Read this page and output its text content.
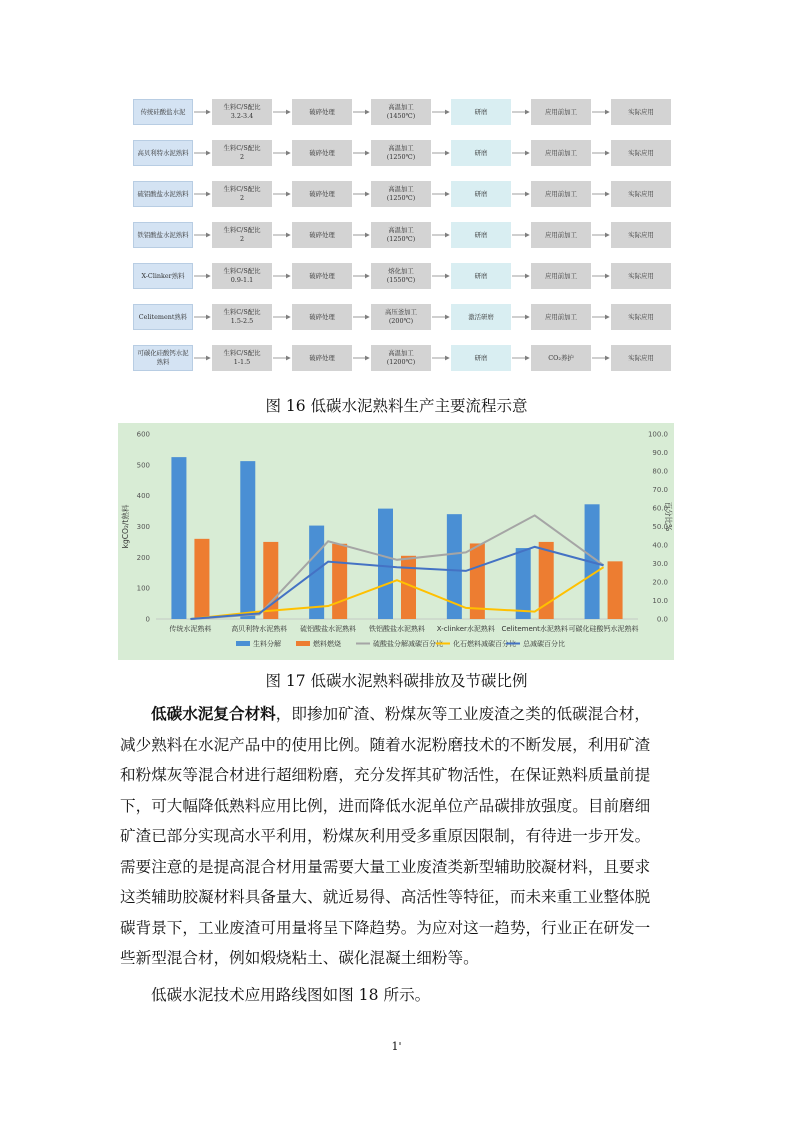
传统硅酸盐水泥
生料C/S配比
3.2-3.4
破碎处理
高温加工
(1450℃)
研磨	应用前加工	实际应用
高贝利特水泥熟料
生料C/S配比
2
破碎处理
高温加工
(1250℃)
研磨	应用前加工	实际应用
硫铝酸盐水泥熟料
生料C/S配比
2
破碎处理
高温加工
(1250℃)
研磨	应用前加工	实际应用
铁铝酸盐水泥熟料
生料C/S配比
2
破碎处理
高温加工
(1250℃)
研磨	应用前加工	实际应用
X-Clinker熟料
生料C/S配比
0.9-1.1
破碎处理
熔化加工
(1550℃)
研磨	应用前加工	实际应用
Celitement熟料
生料C/S配比
1.5-2.5
破碎处理
高压釜加工
(200℃)
激活研磨	应用前加工	实际应用
可碳化硅酸钙水泥熟料
生料C/S配比
1-1.5
破碎处理
高温加工
(1200℃)
研磨	CO₂养护	实际应用
图 16 低碳水泥熟料生产主要流程示意
0
100
200
300
400
500
600
0.0
10.0
20.0
30.0
40.0
50.0
60.0
70.0
80.0
90.0
100.0
kgCO₂/t熟料	百分比%
传统水泥熟料	高贝利特水泥熟料 硫铝酸盐水泥熟料 铁铝酸盐水泥熟料 X-clinker水泥熟料 Celitement水泥熟料 可碳化硅酸钙水泥熟料
生料分解	燃料燃烧	硫酸盐分解减碳百分比 化石燃料减碳百分比 总减碳百分比
图 17 低碳水泥熟料碳排放及节碳比例
低碳水泥复合材料，即掺加矿渣、粉煤灰等工业废渣之类的低碳混合材，
减少熟料在水泥产品中的使用比例。随着水泥粉磨技术的不断发展，利用矿渣
和粉煤灰等混合材进行超细粉磨，充分发挥其矿物活性，在保证熟料质量前提
下，可大幅降低熟料应用比例，进而降低水泥单位产品碳排放强度。目前磨细
矿渣已部分实现高水平利用，粉煤灰利用受多重原因限制，有待进一步开发。
需要注意的是提高混合材用量需要大量工业废渣类新型辅助胶凝材料，且要求
这类辅助胶凝材料具备量大、就近易得、高活性等特征，而未来重工业整体脱
碳背景下，工业废渣可用量将呈下降趋势。为应对这一趋势，行业正在研发一
些新型混合材，例如煅烧粘土、碳化混凝土细粉等。
低碳水泥技术应用路线图如图 18 所示。
1'
